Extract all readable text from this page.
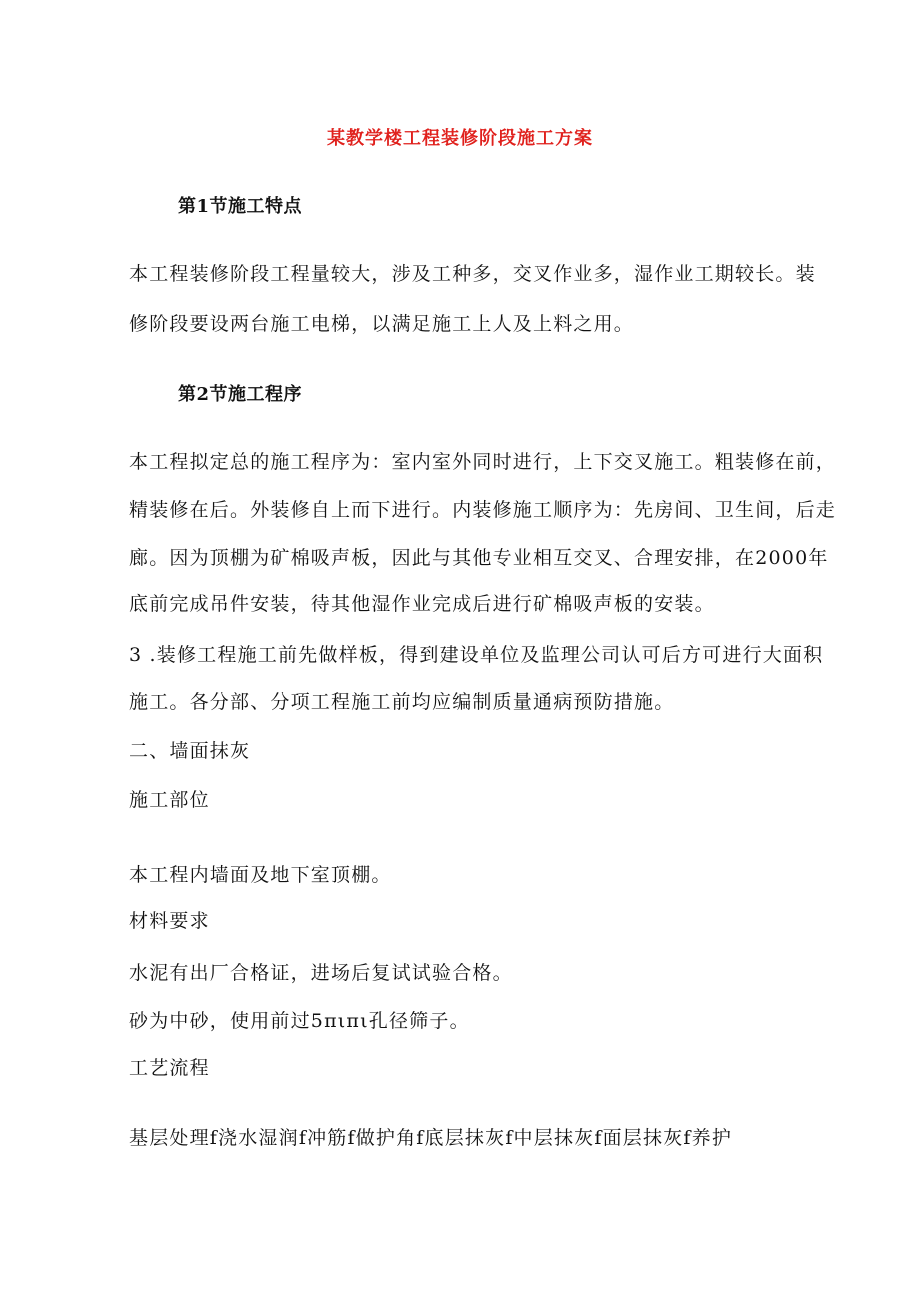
某教学楼工程装修阶段施工方案
第1节施工特点
本工程装修阶段工程量较大，涉及工种多，交叉作业多，湿作业工期较长。装
修阶段要设两台施工电梯，以满足施工上人及上料之用。
第2节施工程序
本工程拟定总的施工程序为：室内室外同时进行，上下交叉施工。粗装修在前，
精装修在后。外装修自上而下进行。内装修施工顺序为：先房间、卫生间，后走
廊。因为顶棚为矿棉吸声板，因此与其他专业相互交叉、合理安排，在2000年
底前完成吊件安装，待其他湿作业完成后进行矿棉吸声板的安装。
3 .装修工程施工前先做样板，得到建设单位及监理公司认可后方可进行大面积
施工。各分部、分项工程施工前均应编制质量通病预防措施。
二、墙面抹灰
施工部位
本工程内墙面及地下室顶棚。
材料要求
水泥有出厂合格证，进场后复试试验合格。
砂为中砂，使用前过5πιπι孔径筛子。
工艺流程
基层处理f浇水湿润f冲筋f做护角f底层抹灰f中层抹灰f面层抹灰f养护
